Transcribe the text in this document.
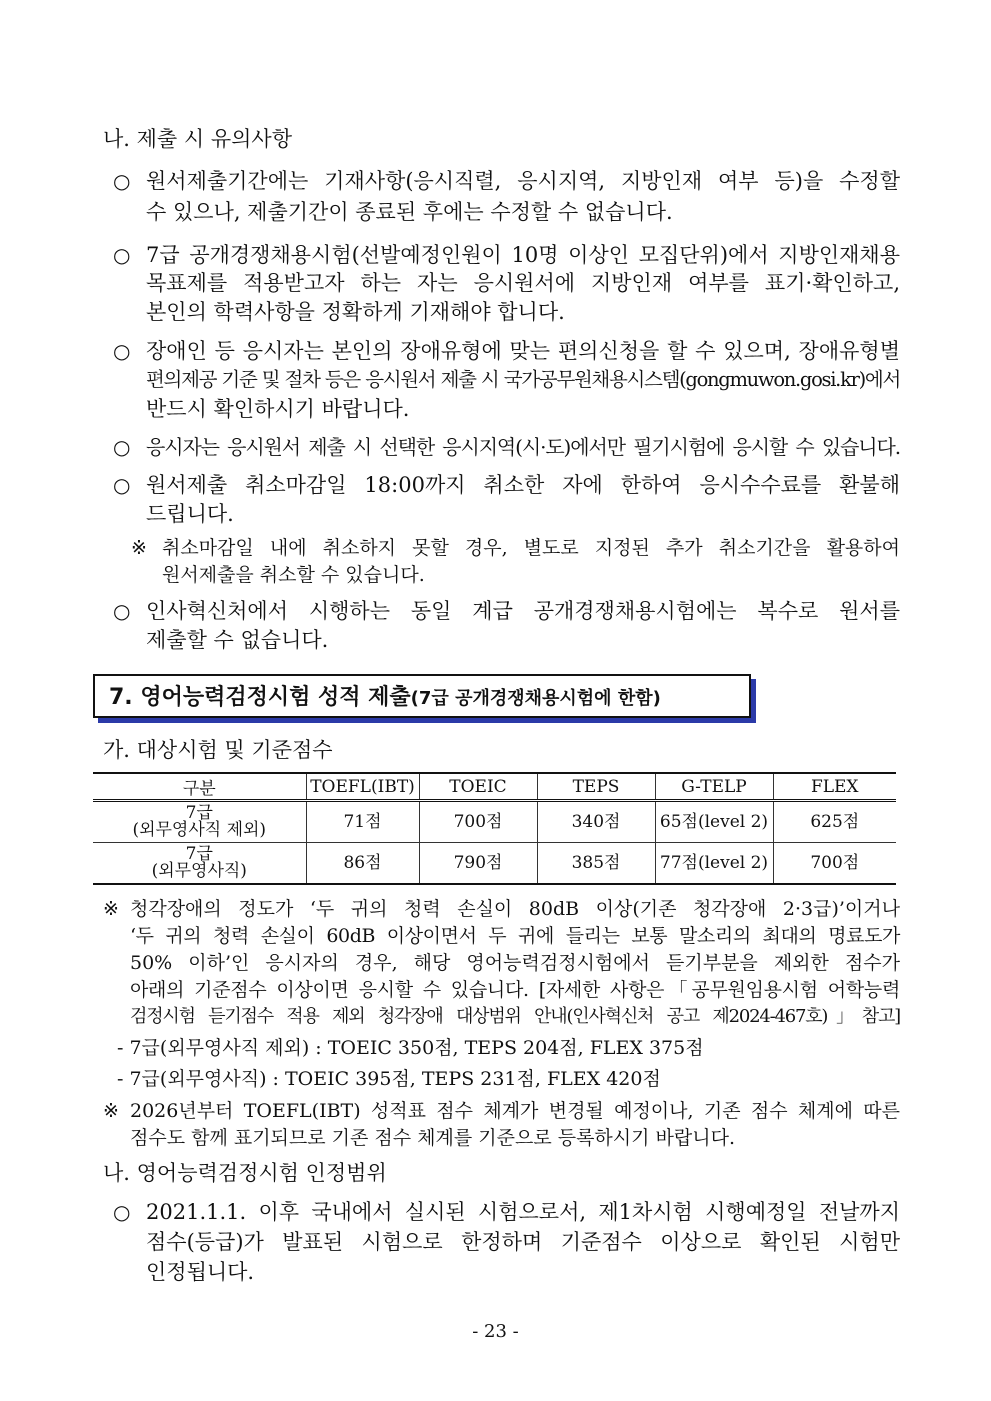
나. 제출 시 유의사항
○ 원서제출기간에는 기재사항(응시직렬, 응시지역, 지방인재 여부 등)을 수정할
수 있으나, 제출기간이 종료된 후에는 수정할 수 없습니다.
○ 7급 공개경쟁채용시험(선발예정인원이 10명 이상인 모집단위)에서 지방인재채용
목표제를 적용받고자 하는 자는 응시원서에 지방인재 여부를 표기·확인하고,
본인의 학력사항을 정확하게 기재해야 합니다.
○ 장애인 등 응시자는 본인의 장애유형에 맞는 편의신청을 할 수 있으며, 장애유형별
편의제공 기준 및 절차 등은 응시원서 제출 시 국가공무원채용시스템(gongmuwon.gosi.kr)에서
반드시 확인하시기 바랍니다.
○ 응시자는 응시원서 제출 시 선택한 응시지역(시·도)에서만 필기시험에 응시할 수 있습니다.
○ 원서제출 취소마감일 18:00까지 취소한 자에 한하여 응시수수료를 환불해
드립니다.
※ 취소마감일 내에 취소하지 못할 경우, 별도로 지정된 추가 취소기간을 활용하여
원서제출을 취소할 수 있습니다.
○ 인사혁신처에서 시행하는 동일 계급 공개경쟁채용시험에는 복수로 원서를
제출할 수 없습니다.
7. 영어능력검정시험 성적 제출(7급 공개경쟁채용시험에 한함)
가. 대상시험 및 기준점수
구분	TOEFL(IBT)	TOEIC	TEPS	G-TELP	FLEX

7급
(외무영사직 제외)	71점	700점	340점	65점(level 2)	625점

7급
(외무영사직)	86점	790점	385점	77점(level 2)	700점
※ 청각장애의 정도가 ‘두 귀의 청력 손실이 80dB 이상(기존 청각장애 2·3급)’이거나
‘두 귀의 청력 손실이 60dB 이상이면서 두 귀에 들리는 보통 말소리의 최대의 명료도가
50% 이하’인 응시자의 경우, 해당 영어능력검정시험에서 듣기부분을 제외한 점수가
아래의 기준점수 이상이면 응시할 수 있습니다. [자세한 사항은「공무원임용시험 어학능력
검정시험 듣기점수 적용 제외 청각장애 대상범위 안내(인사혁신처 공고 제2024-467호)」참고]
- 7급(외무영사직 제외) : TOEIC 350점, TEPS 204점, FLEX 375점
- 7급(외무영사직) : TOEIC 395점, TEPS 231점, FLEX 420점
※ 2026년부터 TOEFL(IBT) 성적표 점수 체계가 변경될 예정이나, 기존 점수 체계에 따른
점수도 함께 표기되므로 기존 점수 체계를 기준으로 등록하시기 바랍니다.
나. 영어능력검정시험 인정범위
○ 2021.1.1. 이후 국내에서 실시된 시험으로서, 제1차시험 시행예정일 전날까지
점수(등급)가 발표된 시험으로 한정하며 기준점수 이상으로 확인된 시험만
인정됩니다.
- 23 -
